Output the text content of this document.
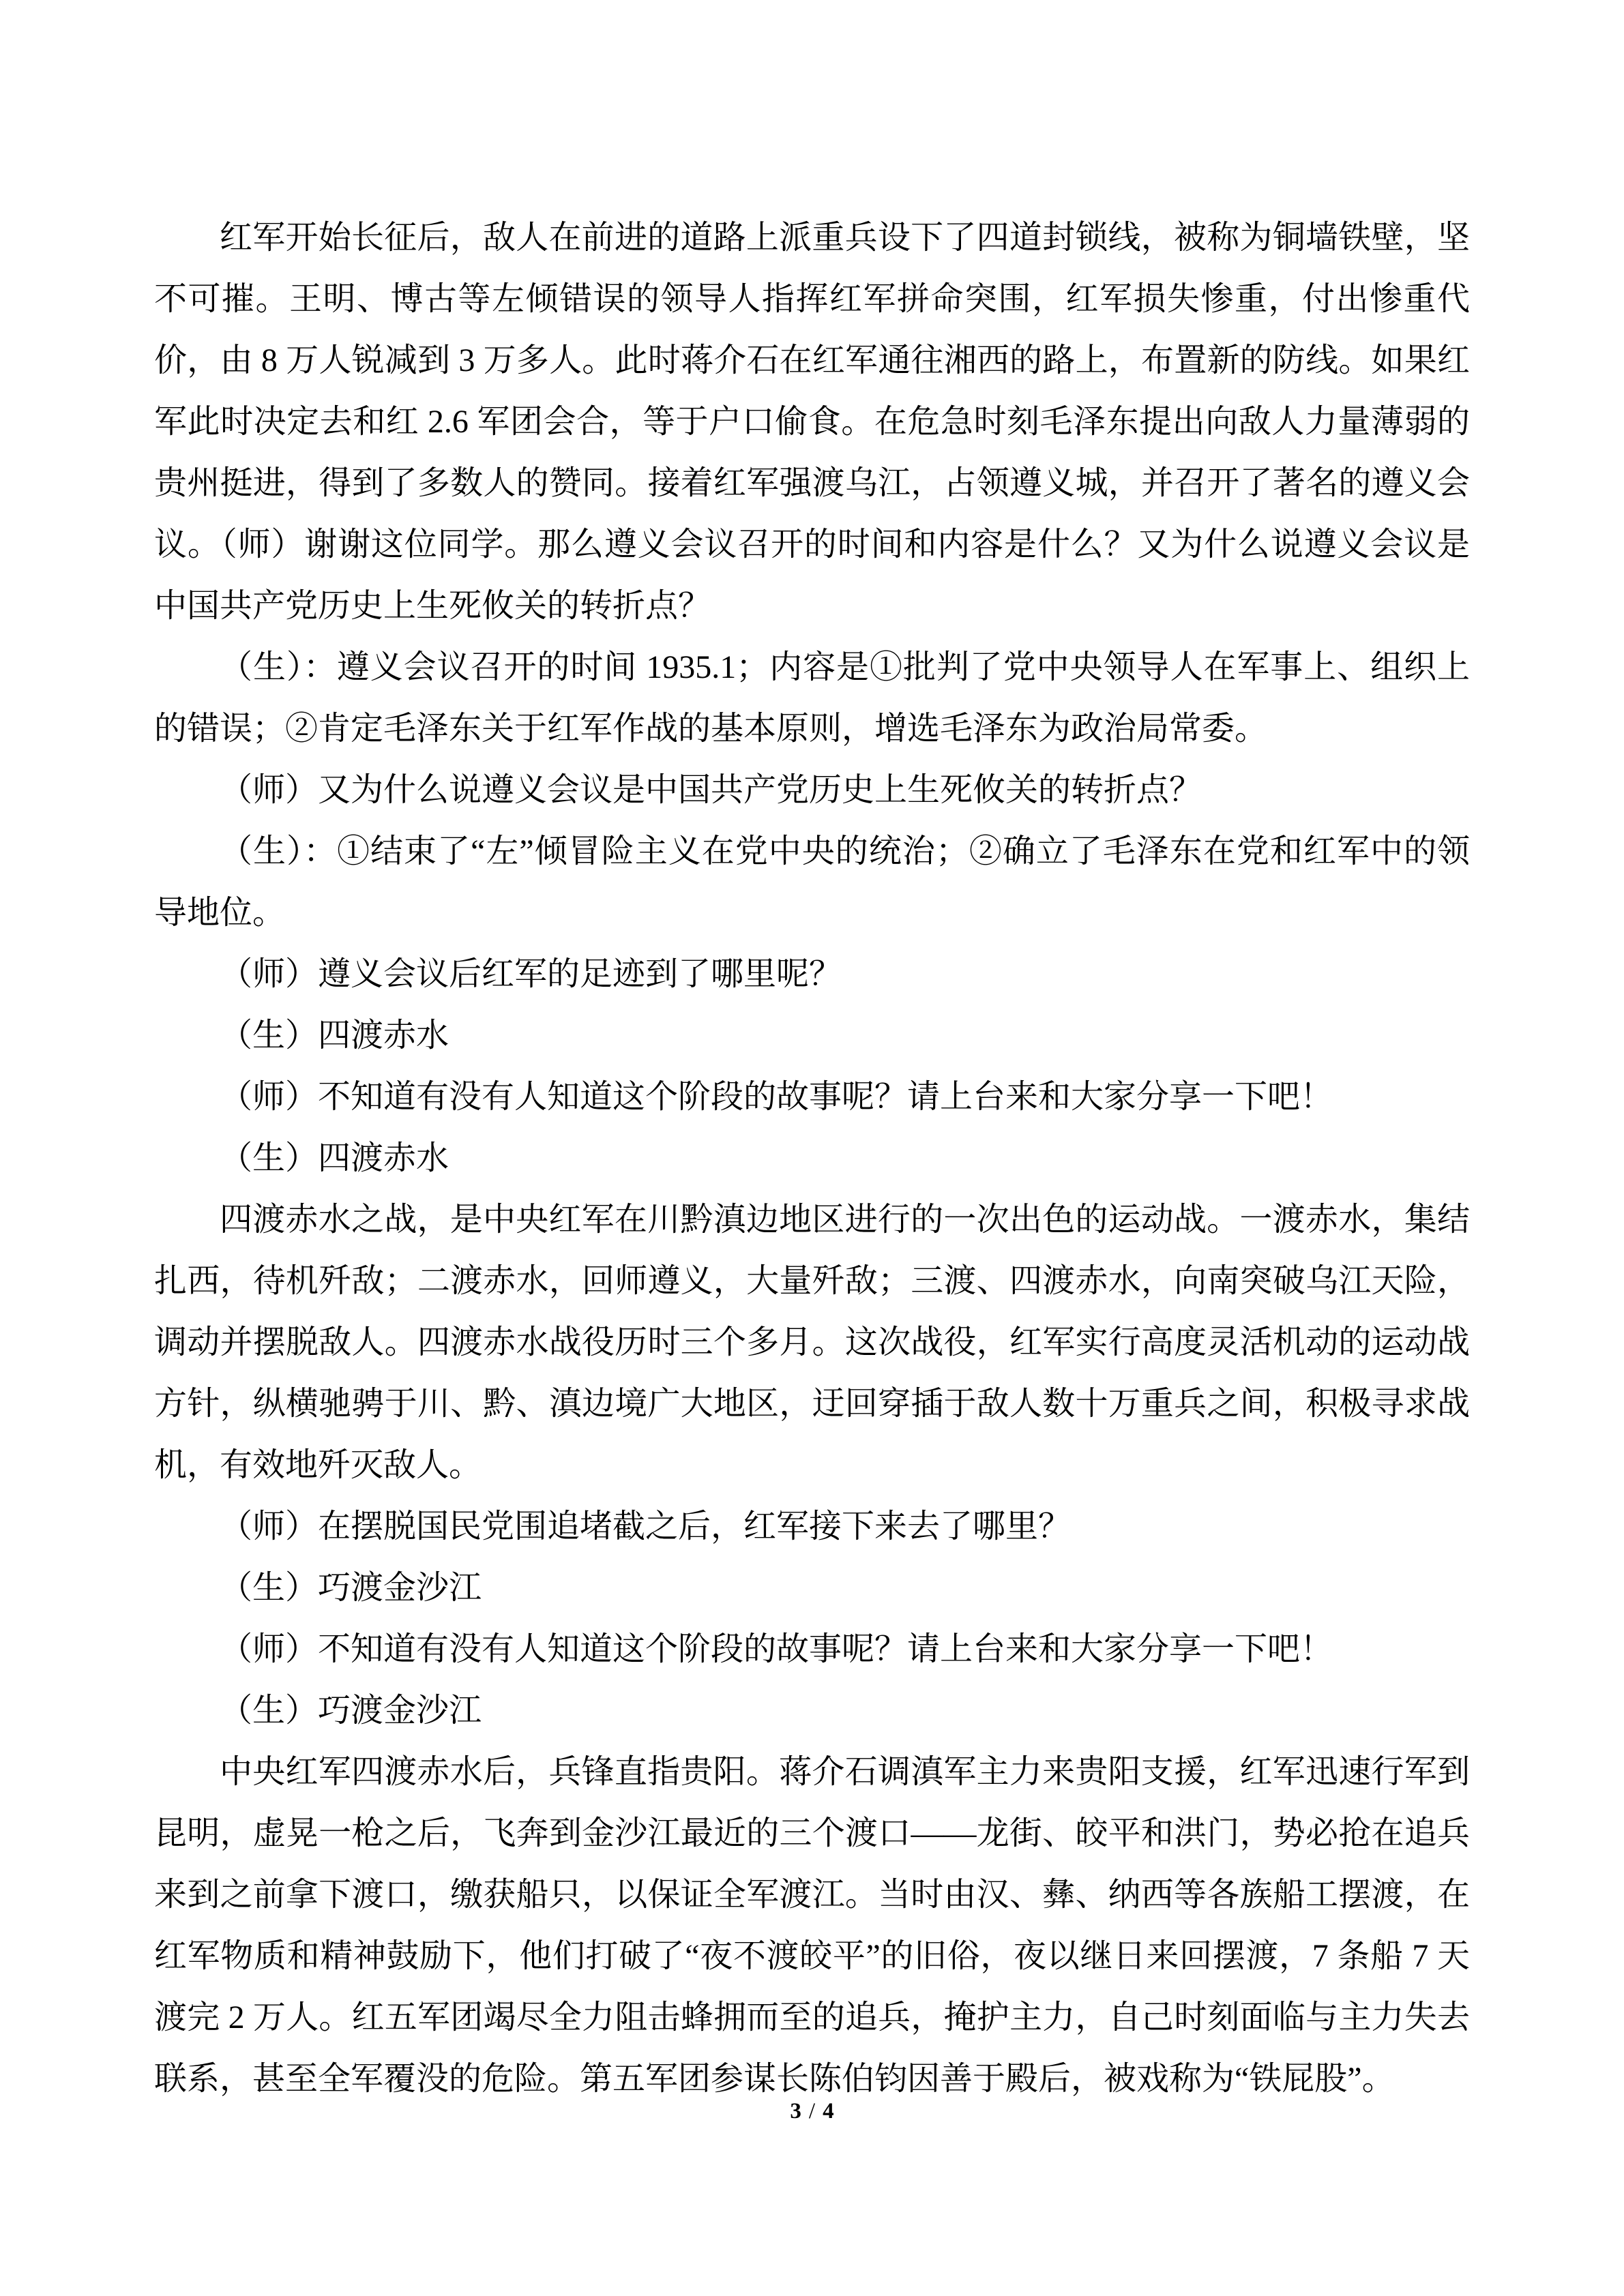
红军开始长征后，敌人在前进的道路上派重兵设下了四道封锁线，被称为铜墙铁壁，坚不可摧。王明、博古等左倾错误的领导人指挥红军拼命突围，红军损失惨重，付出惨重代价，由 8 万人锐减到 3 万多人。此时蒋介石在红军通往湘西的路上，布置新的防线。如果红军此时决定去和红 2.6 军团会合，等于户口偷食。在危急时刻毛泽东提出向敌人力量薄弱的贵州挺进，得到了多数人的赞同。接着红军强渡乌江，占领遵义城，并召开了著名的遵义会议。（师）谢谢这位同学。那么遵义会议召开的时间和内容是什么？又为什么说遵义会议是中国共产党历史上生死攸关的转折点？

（生）：遵义会议召开的时间 1935.1；内容是①批判了党中央领导人在军事上、组织上的错误；②肯定毛泽东关于红军作战的基本原则，增选毛泽东为政治局常委。

（师）又为什么说遵义会议是中国共产党历史上生死攸关的转折点？

（生）：①结束了“左”倾冒险主义在党中央的统治；②确立了毛泽东在党和红军中的领导地位。

（师）遵义会议后红军的足迹到了哪里呢？

（生）四渡赤水

（师）不知道有没有人知道这个阶段的故事呢？请上台来和大家分享一下吧！

（生）四渡赤水

四渡赤水之战，是中央红军在川黔滇边地区进行的一次出色的运动战。一渡赤水，集结扎西，待机歼敌；二渡赤水，回师遵义，大量歼敌；三渡、四渡赤水，向南突破乌江天险，调动并摆脱敌人。四渡赤水战役历时三个多月。这次战役，红军实行高度灵活机动的运动战方针，纵横驰骋于川、黔、滇边境广大地区，迂回穿插于敌人数十万重兵之间，积极寻求战机，有效地歼灭敌人。

（师）在摆脱国民党围追堵截之后，红军接下来去了哪里？

（生）巧渡金沙江

（师）不知道有没有人知道这个阶段的故事呢？请上台来和大家分享一下吧！

（生）巧渡金沙江

中央红军四渡赤水后，兵锋直指贵阳。蒋介石调滇军主力来贵阳支援，红军迅速行军到昆明，虚晃一枪之后，飞奔到金沙江最近的三个渡口——龙街、皎平和洪门，势必抢在追兵来到之前拿下渡口，缴获船只，以保证全军渡江。当时由汉、彝、纳西等各族船工摆渡，在红军物质和精神鼓励下，他们打破了“夜不渡皎平”的旧俗，夜以继日来回摆渡，7 条船 7 天渡完 2 万人。红五军团竭尽全力阻击蜂拥而至的追兵，掩护主力，自己时刻面临与主力失去联系，甚至全军覆没的危险。第五军团参谋长陈伯钧因善于殿后，被戏称为“铁屁股”。

3 / 4
